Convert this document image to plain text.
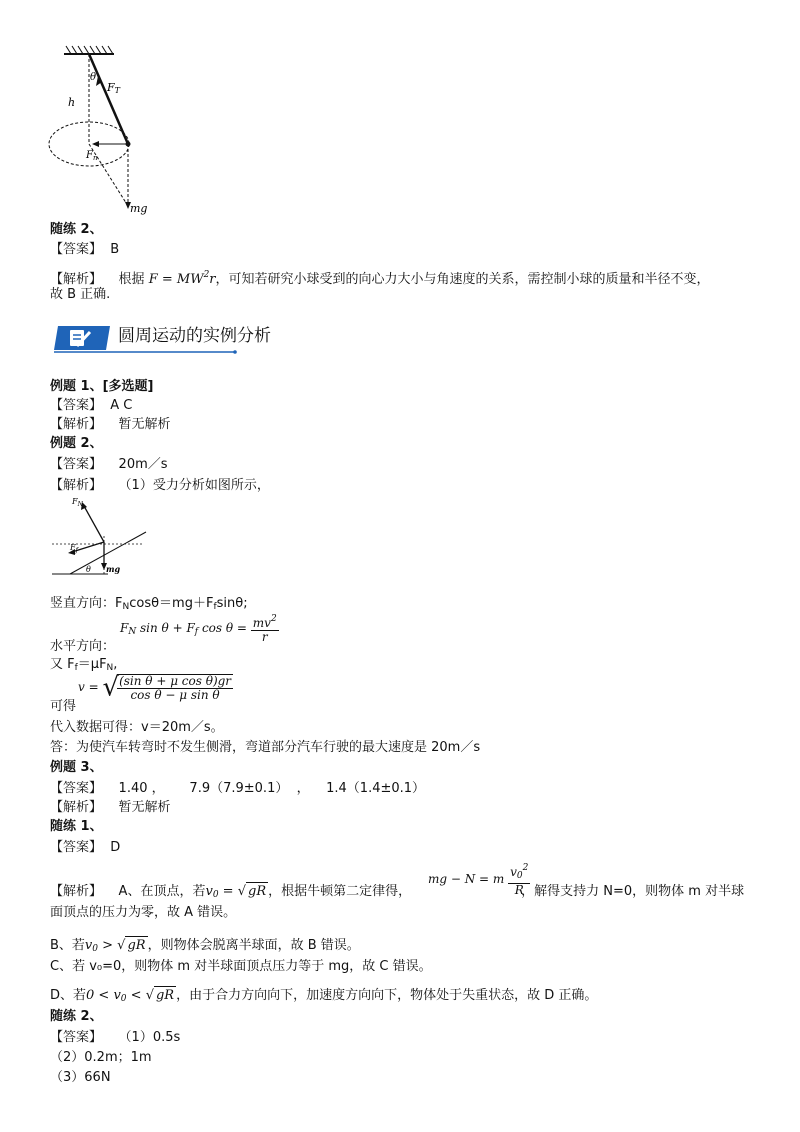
θ
FT
h
$F_n$
mg
随练 2、
【答案】 B
【解析】 根据 $F = MW^2r$，可知若研究小球受到的向心力大小与角速度的关系，需控制小球的质量和半径不变，
故 B 正确.
圆周运动的实例分析
例题 1、[多选题]
【答案】 A C
【解析】 暂无解析
例题 2、
【答案】 20m／s
【解析】 （1）受力分析如图所示，
$F_N$
$F_f$
θ mg
竖直方向：$F_N\cos\theta=mg+F_f\sin\theta$;
$F_N$ $\sin \theta + F_f$ $\cos \theta = \frac{mv^2}{r}$
水平方向：
又 $F_f=\mu F_N$,
v = √
$\frac{\text{(sin θ + μ cos θ)gr}}{\text{cos θ − μ sin θ}}$
可得
代入数据可得：v＝20m／s。
答：为使汽车转弯时不发生侧滑，弯道部分汽车行驶的最大速度是 20m／s
例题 3、
【答案】 1.40 ，      7.9（7.9±0.1）  ，    1.4（1.4±0.1）
【解析】 暂无解析
随练 1、
【答案】 D
mg − N = m $\frac{v_0^2}{R}$
【解析】 A、在顶点，若$v_0$ = √ gR ，根据牛顿第二定律得，	，解得支持力 N=0，则物体 m 对半球
面顶点的压力为零，故 A 错误。
B、若$v_0$ > √ gR ，则物体会脱离半球面，故 B 错误。
C、若 v₀=0，则物体 m 对半球面顶点压力等于 mg，故 C 错误。
D、若$0 < v_0$ < √ gR ，由于合力方向向下，加速度方向向下，物体处于失重状态，故 D 正确。
随练 2、
【答案】 （1）0.5s
（2）0.2m；1m
（3）66N
